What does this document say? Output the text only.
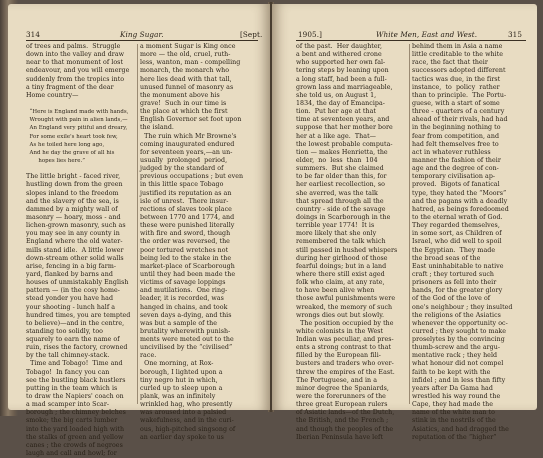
314	King Sugar.	[Sept.
of trees and palms.  Struggle
down into the valley and draw
near to that monument of lost
endeavour, and you will emerge
suddenly from the tropics into
a tiny fragment of the dear
Home country—
“Here is England made with hands,
Wrought with pain in alien lands,—
An England very pitiful and dreary,
For some exile's heart took few,
As he toiled here long ago,
And he day the grave of all his
hopes lies here.”
The little bright - faced river,
hustling down from the green
slopes inland to the freedom
and the slavery of the sea, is
dammed by a mighty wall of
masonry — hoary, moss - and
lichen-grown masonry, such as
you may see in any county in
England where the old water-
mills stand idle.  A little lower
down-stream other solid walls
arise, fencing in a big farm-
yard, flanked by barns and
houses of unmistakably English
pattern — (in the cosy home-
stead yonder you have had
your shooting - lunch half a
hundred times, you are tempted
to believe)—and in the centre,
standing too solidly, too
squarely to earn the name of
ruin, rises the factory, crowned
by the tall chimney-stack.
Time and Tobago!  Time and
Tobago!  In fancy you can
see the bustling black hustlers
putting in the team which is
to draw the Napiers' coach on
a mad scamper into Scar-
borough ; the chimney belches
smoke; the big carts lumber
into the yard loaded high with
the stalks of green and yellow
canes ; the crowds of negroes
laugh and call and howl; for
a moment Sugar is King once
more — the old, cruel, ruth-
less, wanton, man - compelling
monarch, the monarch who
here lies dead with that tall,
unused funnel of masonry as
the monument above his
grave!  Such in our time is
the place at which the first
English Governor set foot upon
the island.
The ruin which Mr Browne's
coming inaugurated endured
for seventeen years,—an un-
usually  prolonged  period,
judged by the standard of
previous occupations ; but even
in this little space Tobago
justified its reputation as an
isle of unrest.  There insur-
rections of slaves took place
between 1770 and 1774, and
these were punished literally
with fire and sword, though
the order was reversed, the
poor tortured wretches not
being led to the stake in the
market-place of Scarborough
until they had been made the
victims of savage loppings
and mutilations.  One ring-
leader, it is recorded, was
hanged in chains, and took
seven days a-dying, and this
was but a sample of the
brutality wherewith punish-
ments were meted out to the
uncivilised by the “civilised”
race.
One morning, at Rox-
borough, I lighted upon a
tiny negro hut in which,
curled up to sleep upon a
plank, was an infinitely
wrinkled hag, who presently
was aroused into a palsied
wakefulness, and in the curi-
ous, high-pitched singsong of
an earlier day spoke to us
1905.]	White Men, East and West.	315
of the past.  Her daughter,
a bent and withered crone
who supported her own fal-
tering steps by leaning upon
a long staff, had been a full-
grown lass and marriageable,
she told us, on August 1,
1834, the day of Emancipa-
tion.  Put her age at that
time at seventeen years, and
suppose that her mother bore
her at a like age.  That—
the lowest probable computa-
tion — makes Henrietta, the
elder,  no  less  than  104
summers.  But she claimed
to be far older than this, for
her earliest recollection, so
she averred, was the talk
that spread through all the
country - side of the savage
doings in Scarborough in the
terrible year 1774!  It is
more likely that she only
remembered the talk which
still passed in hushed whispers
during her girlhood of those
fearful doings; but in a land
where there still exist aged
folk who claim, at any rate,
to have been alive when
those awful punishments were
wreaked, the memory of such
wrongs dies out but slowly.
The position occupied by the
white colonists in the West
Indian was peculiar, and pres-
ents a strong contrast to that
filled by the European fili-
busters and traders who over-
threw the empires of the East.
The Portuguese, and in a
minor degree the Spaniards,
were the forerunners of the
three great European rulers
of Asiatic lands—of the Dutch,
the British, and the French ;
and though the peoples of the
Iberian Peninsula have left
behind them in Asia a name
little creditable to the white
race, the fact that their
successors adopted different
tactics was due, in the first
instance,  to  policy  rather
than to principle.  The Portu-
guese, with a start of some
three - quarters of a century
ahead of their rivals, had had
in the beginning nothing to
fear from competition, and
had felt themselves free to
act in whatever ruthless
manner the fashion of their
age and the degree of con-
temporary civilisation ap-
proved.  Bigots of fanatical
type, they hated the “Moors”
and the pagans with a deadly
hatred, as beings foredoomed
to the eternal wrath of God.
They regarded themselves,
in some sort, as Children of
Israel, who did well to spoil
the Egyptian.  They made
the broad seas of the
East uninhabitable to native
craft ; they tortured such
prisoners as fell into their
hands, for the greater glory
of the God of the love of
one's neighbour ; they insulted
the religions of the Asiatics
whenever the opportunity oc-
curred ; they sought to make
proselytes by the convincing
thumb-screw and the argu-
mentative rack ; they held
what honour did not compel
faith to be kept with the
infidel ; and in less than fifty
years after Da Gama had
wrestled his way round the
Cape, they had made the
name of the white man to
stink in the nostrils of the
Asiatics, and had dragged the
reputation of the “higher”
